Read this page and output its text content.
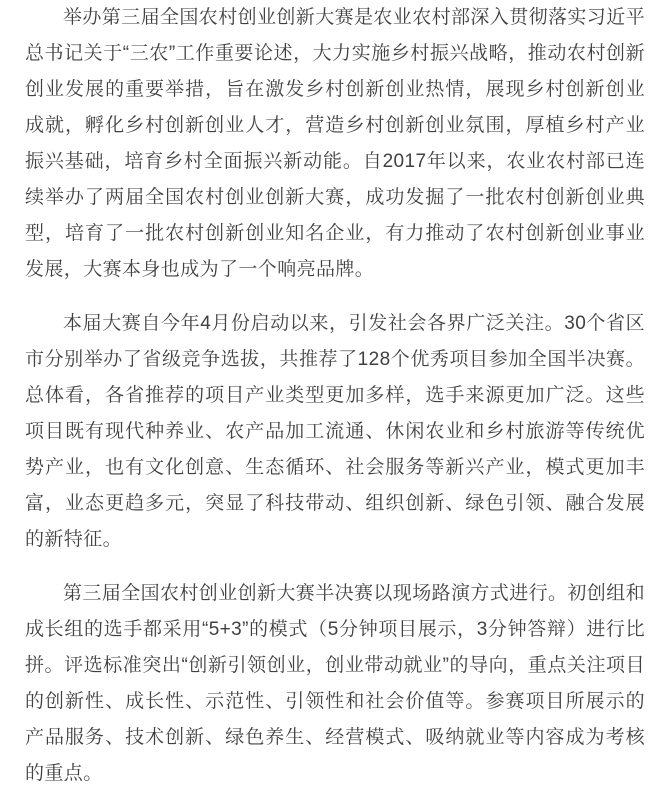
举办第三届全国农村创业创新大赛是农业农村部深入贯彻落实习近平总书记关于“三农”工作重要论述，大力实施乡村振兴战略，推动农村创新创业发展的重要举措，旨在激发乡村创新创业热情，展现乡村创新创业成就，孵化乡村创新创业人才，营造乡村创新创业氛围，厚植乡村产业振兴基础，培育乡村全面振兴新动能。自2017年以来，农业农村部已连续举办了两届全国农村创业创新大赛，成功发掘了一批农村创新创业典型，培育了一批农村创新创业知名企业，有力推动了农村创新创业事业发展，大赛本身也成为了一个响亮品牌。

本届大赛自今年4月份启动以来，引发社会各界广泛关注。30个省区市分别举办了省级竞争选拔，共推荐了128个优秀项目参加全国半决赛。总体看，各省推荐的项目产业类型更加多样，选手来源更加广泛。这些项目既有现代种养业、农产品加工流通、休闲农业和乡村旅游等传统优势产业，也有文化创意、生态循环、社会服务等新兴产业，模式更加丰富，业态更趋多元，突显了科技带动、组织创新、绿色引领、融合发展的新特征。

第三届全国农村创业创新大赛半决赛以现场路演方式进行。初创组和成长组的选手都采用“5+3”的模式（5分钟项目展示，3分钟答辩）进行比拼。评选标准突出“创新引领创业，创业带动就业”的导向，重点关注项目的创新性、成长性、示范性、引领性和社会价值等。参赛项目所展示的产品服务、技术创新、绿色养生、经营模式、吸纳就业等内容成为考核的重点。
